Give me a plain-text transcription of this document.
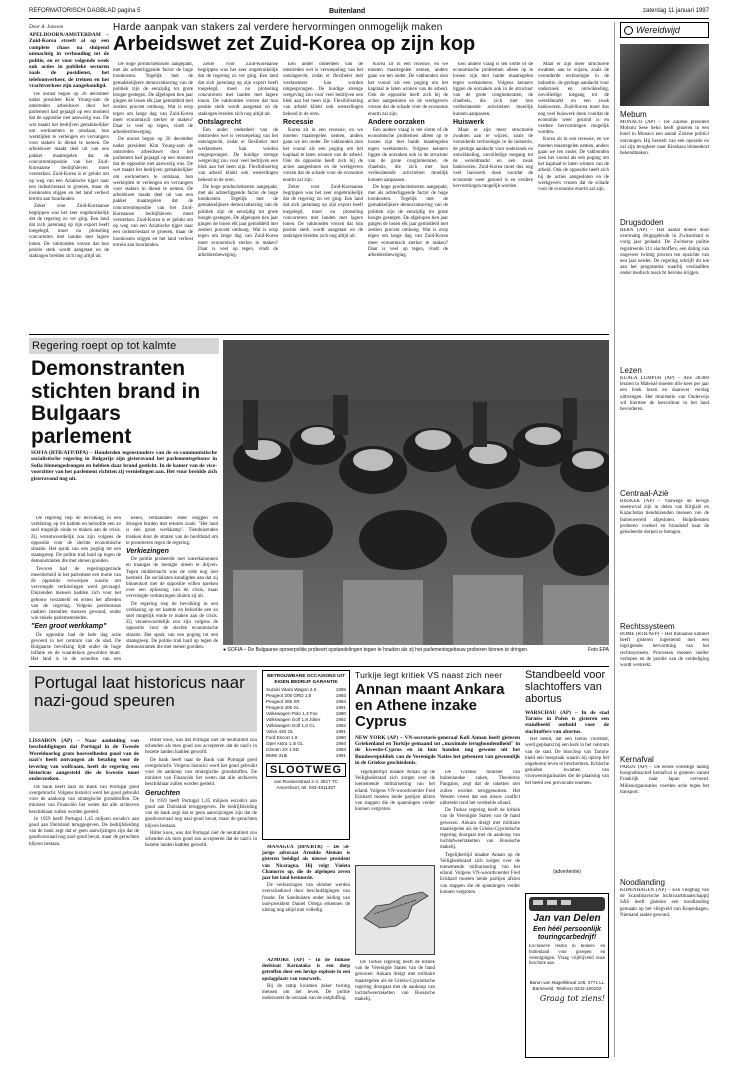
REFORMATORISCH DAGBLAD pagina 5	Buitenland	zaterdag 11 januari 1997
Harde aanpak van stakers zal verdere hervormingen onmogelijk maken
Arbeidswet zet Zuid-Korea op zijn kop
Door A. Janssen
APELDOORN/AMSTERDAM – Zuid-Korea streeft al op een complete chaos na sluipend onmachtig in verhouding tot de politie, en er voor volgende week ook acties in publieke sectoren zoals de postdienst, het telefoonverkeer, de treinen en het vrachtverkeer zijn aangekondigd.

De onrust begon op 26 december nadat president Kim Young-sam de omstreden arbeidswet door het parlement had gejaagd op een moment dat de oppositie niet aanwezig was. De wet maakt het bedrijven gemakkelijker om werknemers te ontslaan, hun werktijden te verlengen en vervangers voor stakers in dienst te nemen. De arbeidswet maakt deel uit van een pakket maatregelen dat de concurrentiepositie van het Zuid-Koreaanse bedrijfsleven moet versterken. Zuid-Korea is er gelukt om op weg van een Aziatische tijger naar een industriestaat te groeien, maar de loonkosten stijgen en het land verliest terrein aan buurlanden.

Zeker voor Zuid-Koreaanse begrippen was het zeer ongebruikelijk dat de regering zo ver ging. Een land dat zich jarenlang op zijn export heeft toegelegd, moet nu plotseling concurreren met landen met lagere lonen. De vakbonden vrezen dat hun positie sterk wordt aangetast en de stakingen breiden zich nog altijd uit.

De hoge productiekosten aangepakt, met als achterliggende factor de hoge loonkosten. Tegelijk met de gemakkelijkere democratisering van de politiek zijn de eenzijdig tot grote hoogte gestegen. De afgelopen tien jaar gingen de lonen elk jaar gemiddeld met zestien procent omhoog. Wat is erop tegen om lange dag van Zuid-Korea meer economisch sterker te maken? Daar is veel op tegen, vindt de arbeidersbeweging.

De onrust begon op 26 december nadat president Kim Young-sam de omstreden arbeidswet door het parlement had gejaagd op een moment dat de oppositie niet aanwezig was. De wet maakt het bedrijven gemakkelijker om werknemers te ontslaan, hun werktijden te verlengen en vervangers voor stakers in dienst te nemen. De arbeidswet maakt deel uit van een pakket maatregelen dat de concurrentiepositie van het Zuid-Koreaanse bedrijfsleven moet versterken. Zuid-Korea is er gelukt om op weg van een Aziatische tijger naar een industriestaat te groeien, maar de loonkosten stijgen en het land verliest terrein aan buurlanden.

Zeker voor Zuid-Koreaanse begrippen was het zeer ongebruikelijk dat de regering zo ver ging. Een land dat zich jarenlang op zijn export heeft toegelegd, moet nu plotseling concurreren met landen met lagere lonen. De vakbonden vrezen dat hun positie sterk wordt aangetast en de stakingen breiden zich nog altijd uit.

Ontslagrecht

Een ander onderdeel van de omstreden wet is versoepeling van het ontslagrecht, zodat er flexibeler met werknemers kan worden omgesprongen. De huidige strenge wetgeving zou voor veel bedrijven een blok aan het been zijn. Flexibilisering van arbeid klinkt ook westerlingen bekend in de oren.

De hoge productiekosten aangepakt, met als achterliggende factor de hoge loonkosten. Tegelijk met de gemakkelijkere democratisering van de politiek zijn de eenzijdig tot grote hoogte gestegen. De afgelopen tien jaar gingen de lonen elk jaar gemiddeld met zestien procent omhoog. Wat is erop tegen om lange dag van Zuid-Korea meer economisch sterker te maken? Daar is veel op tegen, vindt de arbeidersbeweging.

Een ander onderdeel van de omstreden wet is versoepeling van het ontslagrecht, zodat er flexibeler met werknemers kan worden omgesprongen. De huidige strenge wetgeving zou voor veel bedrijven een blok aan het been zijn. Flexibilisering van arbeid klinkt ook westerlingen bekend in de oren.

Recessie

Korea zit in een recessie, en we moeten maatregelen nemen, anders gaan we ten onder. De vakbonden zien het vooral als een poging om het kapitaal te laten winnen van de arbeid. Ook de oppositie heeft zich bij de acties aangesloten en de werkgevers vrezen dat de schade voor de economie enorm zal zijn.

Zeker voor Zuid-Koreaanse begrippen was het zeer ongebruikelijk dat de regering zo ver ging. Een land dat zich jarenlang op zijn export heeft toegelegd, moet nu plotseling concurreren met landen met lagere lonen. De vakbonden vrezen dat hun positie sterk wordt aangetast en de stakingen breiden zich nog altijd uit.

Korea zit in een recessie, en we moeten maatregelen nemen, anders gaan we ten onder. De vakbonden zien het vooral als een poging om het kapitaal te laten winnen van de arbeid. Ook de oppositie heeft zich bij de acties aangesloten en de werkgevers vrezen dat de schade voor de economie enorm zal zijn.

Andere oorzaken

Een andere vraag is ten slotte of de economische problemen alleen op te lossen zijn met harde maatregelen tegen werknemers. Volgens kenners liggen de oorzaken ook in de structuur van de grote conglomeraten, de chaebols, die zich met hun verlieslatende activiteiten moeilijk kunnen aanpassen.

De hoge productiekosten aangepakt, met als achterliggende factor de hoge loonkosten. Tegelijk met de gemakkelijkere democratisering van de politiek zijn de eenzijdig tot grote hoogte gestegen. De afgelopen tien jaar gingen de lonen elk jaar gemiddeld met zestien procent omhoog. Wat is erop tegen om lange dag van Zuid-Korea meer economisch sterker te maken? Daar is veel op tegen, vindt de arbeidersbeweging.

Een andere vraag is ten slotte of de economische problemen alleen op te lossen zijn met harde maatregelen tegen werknemers. Volgens kenners liggen de oorzaken ook in de structuur van de grote conglomeraten, de chaebols, die zich met hun verlieslatende activiteiten moeilijk kunnen aanpassen.

Huiswerk

Maar er zijn meer structurele zwakten aan te wijzen, zoals de verouderde technologie in de industrie, de geringe aandacht voor onderzoek en ontwikkeling, onvolledige toegang tot de wereldmarkt en een zwak bankwezen. Zuid-Korea moet dus nog veel huiswerk doen voordat de economie weer gezond is en verdere hervormingen mogelijk worden.

Maar er zijn meer structurele zwakten aan te wijzen, zoals de verouderde technologie in de industrie, de geringe aandacht voor onderzoek en ontwikkeling, onvolledige toegang tot de wereldmarkt en een zwak bankwezen. Zuid-Korea moet dus nog veel huiswerk doen voordat de economie weer gezond is en verdere hervormingen mogelijk worden.

Korea zit in een recessie, en we moeten maatregelen nemen, anders gaan we ten onder. De vakbonden zien het vooral als een poging om het kapitaal te laten winnen van de arbeid. Ook de oppositie heeft zich bij de acties aangesloten en de werkgevers vrezen dat de schade voor de economie enorm zal zijn.

Wereldwijd
Mebum
MONACO (AP) – De Zairese president Mobutu Sese Seko heeft gisteren in een hotel in Monaco een aantal Zaïrese politici ontvangen. Hij herstelt van een operatie en zal zijn terugkeer naar Kinshasa binnenkort bekendmaken.
Drugsdoden
BERN (AP) – Het aantal doden door overmatig drugsgebruik in Zwitserland is vorig jaar gedaald. De Zwitserse politie registreerde 311 slachtoffers, een daling van ongeveer twintig procent ten opzichte van een jaar eerder. De regering schrijft dit toe aan het programma waarbij verslaafden onder medisch toezicht heroïne krijgen.
Lezen
KUALA LUMPUR (AP) – Alle 28.000 leraren in Maleisië moeten drie keer per jaar een boek lezen en daarover verslag uitbrengen. Het ministerie van Onderwijs wil hiermee de leescultuur in het land bevorderen.
Centraal-Azië
BISJKEK (AP) – Vanwege de hevige sneeuwval zijn in delen van Kirgizië en Kazachstan tienduizenden mensen van de buitenwereld afgesloten. Hulpdiensten proberen voedsel en brandstof naar de geïsoleerde dorpen te brengen.
Rechtssysteem
ROME (RTR/AFP) – Het Italiaanse kabinet heeft gisteren ingestemd met een ingrijpende hervorming van het rechtssysteem. Processen moeten sneller verlopen en de positie van de verdediging wordt versterkt.
Kernafval
PARIJS (AP) – De eerste volledige lading hoogradioactief kernafval is gisteren vanuit Frankrijk naar Japan vervoerd. Milieuorganisaties voerden actie tegen het transport.
Noodlanding
KOPENHAGEN (AP) – Een vliegtuig van de Scandinavische luchtvaartmaatschappij SAS heeft gisteren een noodlanding gemaakt op het vliegveld van Kopenhagen. Niemand raakte gewond.
Regering roept op tot kalmte
Demonstranten stichten brand in Bulgaars parlement
SOFIA (RTR/AFP/DPA) – Honderden tegenstanders van de ex-communistische socialistische regering in Bulgarije zijn gisteravond het parlementsgebouw in Sofia binnengedrongen en hebben daar brand gesticht. In de kamer van de vice-voorzitter van het parlement richtten zij vernielingen aan. Het vuur breidde zich gisteravond nog uit.

De regering riep de bevolking in een verklaring op tot kalmte en beloofde een zo snel mogelijk einde te maken aan de crisis. Zij verantwoordelijk zou zijn volgens de oppositie voor de slechte economische situatie. Het sprak van een poging tot een staatsgreep. De politie trad hard op tegen de demonstranten die met stenen gooiden.

Tevoren had de regeringsgezinde meerderheid in het parlement een motie van de oppositie verworpen waarin om vervroegde verkiezingen werd gevraagd. Duizenden mensen hadden zich voor het gebouw verzameld en eisten het aftreden van de regering. Volgens persbureaus raakten tientallen mensen gewond, onder wie enkele parlementsleden.

"Een groot werkkamp"

De oppositie had de hele dag actie gevoerd in het centrum van de stad. De Bulgaarse bevolking lijdt onder de hoge inflatie en de waardeloos geworden munt. Het land is in de woorden van een

kelen, verbandden ende sloggen en droegen borden met teksten zoals: "Het land is één groot werkkamp". Tienduizenden trokken door de straten van de hoofdstad om te protesteren tegen de regering.

Verkiezingen

De politie probeerde met waterkanonnen en traangas de menigte uiteen te drijven. Tegen middernacht was de orde nog niet hersteld. De socialisten kondigden aan dat zij binnenkort met de oppositie willen spreken over een oplossing van de crisis, maar vervroegde verkiezingen sluiten zij uit.

De regering riep de bevolking in een verklaring op tot kalmte en beloofde een zo snel mogelijk einde te maken aan de crisis. Zij verantwoordelijk zou zijn volgens de oppositie voor de slechte economische situatie. Het sprak van een poging tot een staatsgreep. De politie trad hard op tegen de demonstranten die met stenen gooiden.	● SOFIA – De Bulgaarse oproerpolitie probeert opstandelingen tegen te houden als zij het parlementsgebouw proberen binnen te dringen.	Foto EPA
Portugal laat historicus naar nazi-goud speuren
LISSABON (AP) – Naar aanleiding van beschuldigingen dat Portugal in de Tweede Wereldoorlog grote hoeveelheden goud van de nazi's heeft ontvangen als betaling voor de levering van wolfraam, heeft de regering een historicus aangesteld die de kwestie moet onderzoeken.

De bank heeft naar de Bank van Portugal goed overgebracht. Volgens historici werd het goud gebruikt voor de aankoop van strategische grondstoffen. De minister van Financiën liet weten dat alle archieven beschikbaar zullen worden gesteld.

In 1959 heeft Portugal 1,45 miljoen escudo's aan goud aan Duitsland teruggegeven. De bedrijfsleiding van de bank zegt dat er geen aanwijzingen zijn dat de goudvoorraad nog nazi-goud bevat, maar de geruchten blijven bestaan.

Hitler koos, was dat Portugal niet de neutraliteit zou schenden als men goud zou accepteren dat de nazi's in bezette landen hadden geroofd.

De bank heeft naar de Bank van Portugal goed overgebracht. Volgens historici werd het goud gebruikt voor de aankoop van strategische grondstoffen. De minister van Financiën liet weten dat alle archieven beschikbaar zullen worden gesteld.

Geruchten

In 1959 heeft Portugal 1,45 miljoen escudo's aan goud aan Duitsland teruggegeven. De bedrijfsleiding van de bank zegt dat er geen aanwijzingen zijn dat de goudvoorraad nog nazi-goud bevat, maar de geruchten blijven bestaan.

Hitler koos, was dat Portugal niet de neutraliteit zou schenden als men goud zou accepteren dat de nazi's in bezette landen hadden geroofd.

BETROUWBARE OCCASIONS UIT EIGEN BEDRIJF GARANTIE
Suzuki Vitara Wagon 2,0	1995
Peugeot 205 GRD 1,8	1993
Peugeot 306 XR	1994
Peugeot 405 GL	1991
Volkswagen Polo 1.3 Fox	1990
Volkswagen Golf 1.8 Joker	1992
Volkswagen Golf 1,6 CL	1993
Volvo 440 GL	1991
Ford Escort 1.6	1990
Opel Astra 1.4i GL	1994
Citroën ZX 1.9D	1993
BMW 318i	1991
SLOOTWEG
van Roosenstraat 2-4, 3817 TC Amersfoort, tel. 033-4611307

MANAGUA (DPA/RTR) – De 50-jarige advocaat Arnoldo Alemán is gisteren beëdigd als nieuwe president van Nicaragua. Hij volgt Violeta Chamorro op, die de afgelopen zeven jaar het land bestuurde.

De verkiezingen van oktober werden overschaduwd door beschuldigingen van fraude. De Sandinisten onder leiding van oud-president Daniel Ortega erkennen de uitslag nog altijd niet volledig.

AZMORE (AP) – In de Indiase deelstaat Karnataka is een dorp getroffen door een hevige explosie in een opslagplaats van vuurwerk.

Bij de ramp kwamen zeker twintig mensen om het leven. De politie onderzoekt de oorzaak van de ontploffing.

Turkije legt kritiek VS naast zich neer
Annan maant Ankara en Athene inzake Cyprus
NEW YORK (AP) – VN-secretaris-generaal Kofi Annan heeft gisteren Griekenland en Turkije gemaand tot „maximale terughoudendheid" in de kwestie-Cyprus en in hun handen nog gewone uit het Bundesrepubliek van de Verenigde Naties het gebeuren van gewoonlijk in de Griekse geschiedenis.

Tegelijkertijd maakte Annan op de Veiligheidsraad zich zorgen over de toenemende militarisering van het eiland. Volgens VN-woordvoerder Fred Eckhard moeten beide partijen afzien van stappen die de spanningen verder kunnen vergroten.

De Griekse minister van buitenlandse zaken, Theodoros Pangalos, zegt dat de raketten niet zullen worden teruggenomen. Het Westen vreest dat een nieuw conflict uitbreekt rond het verdeelde eiland.

De Turkse regering heeft de kritiek van de Verenigde Staten van de hand gewezen. Ankara dreigt met militaire maatregelen als de Grieks-Cypriotische regering doorgaat met de aankoop van luchtafweerraketten van Russische makelij.

Tegelijkertijd maakte Annan op de Veiligheidsraad zich zorgen over de toenemende militarisering van het eiland. Volgens VN-woordvoerder Fred Eckhard moeten beide partijen afzien van stappen die de spanningen verder kunnen vergroten.

De Turkse regering heeft de kritiek van de Verenigde Staten van de hand gewezen. Ankara dreigt met militaire maatregelen als de Grieks-Cypriotische regering doorgaat met de aankoop van luchtafweerraketten van Russische makelij.

Standbeeld voor slachtoffers van abortus
WARSCHAU (AP) – In de stad Tarnów in Polen is gisteren een standbeeld onthuld voor de slachtoffers van abortus.

Het beeld, dat een foetus voorstelt, werd geplaatst bij een kerk in het centrum van de stad. De bisschop van Tarnów hield een toespraak waarin hij opriep het ongeboren leven te beschermen. Kritische geluiden kwamen van vrouwenorganisaties die de plaatsing van het beeld een provocatie noemen.

(advertentie)
Jan van Delen
Een héél persoonlijk touringcarbedrijf!
Exclusieve reizen in binnen- en buitenland voor groepen en verenigingen. Vraag vrijblijvend onze brochure aan.
Baron van Nagellstraat 106, 3771 LL Barneveld, Telefoon 0342-420102
Graag tot ziens!
